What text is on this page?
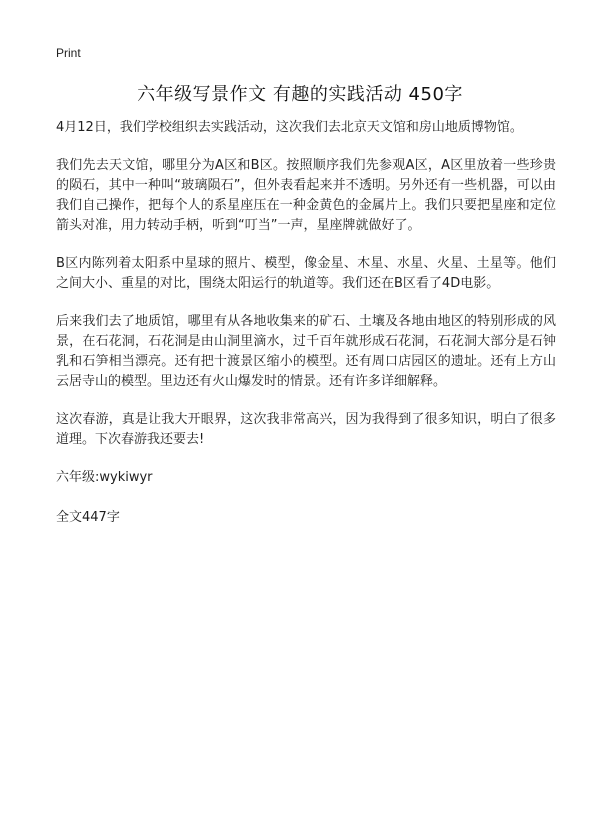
Print
六年级写景作文 有趣的实践活动 450字

4月12日，我们学校组织去实践活动，这次我们去北京天文馆和房山地质博物馆。

我们先去天文馆，哪里分为A区和B区。按照顺序我们先参观A区，A区里放着一些珍贵的陨石，其中一种叫“玻璃陨石”，但外表看起来并不透明。另外还有一些机器，可以由我们自己操作，把每个人的系星座压在一种金黄色的金属片上。我们只要把星座和定位箭头对准，用力转动手柄，听到“叮当”一声，星座牌就做好了。

B区内陈列着太阳系中星球的照片、模型，像金星、木星、水星、火星、土星等。他们之间大小、重星的对比，围绕太阳运行的轨道等。我们还在B区看了4D电影。

后来我们去了地质馆，哪里有从各地收集来的矿石、土壤及各地由地区的特别形成的风景，在石花洞，石花洞是由山洞里滴水，过千百年就形成石花洞，石花洞大部分是石钟乳和石笋相当漂亮。还有把十渡景区缩小的模型。还有周口店园区的遗址。还有上方山云居寺山的模型。里边还有火山爆发时的情景。还有许多详细解释。

这次春游，真是让我大开眼界，这次我非常高兴，因为我得到了很多知识，明白了很多道理。下次春游我还要去!

六年级:wykiwyr
全文447字
